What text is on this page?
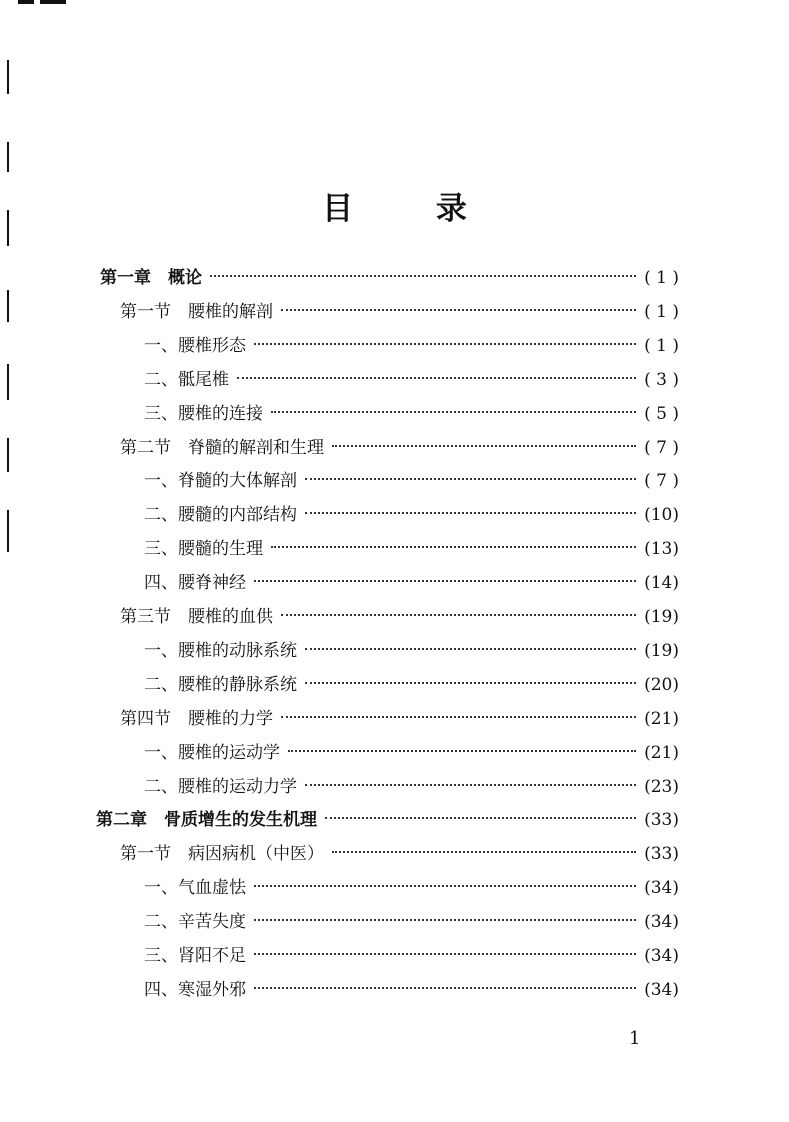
目 录
第一章　概论	( 1 )
第一节　腰椎的解剖	( 1 )
一、腰椎形态	( 1 )
二、骶尾椎	( 3 )
三、腰椎的连接	( 5 )
第二节　脊髓的解剖和生理	( 7 )
一、脊髓的大体解剖	( 7 )
二、腰髓的内部结构	(10)
三、腰髓的生理	(13)
四、腰脊神经	(14)
第三节　腰椎的血供	(19)
一、腰椎的动脉系统	(19)
二、腰椎的静脉系统	(20)
第四节　腰椎的力学	(21)
一、腰椎的运动学	(21)
二、腰椎的运动力学	(23)
第二章　骨质增生的发生机理	(33)
第一节　病因病机（中医）	(33)
一、气血虚怯	(34)
二、辛苦失度	(34)
三、肾阳不足	(34)
四、寒湿外邪	(34)
1
